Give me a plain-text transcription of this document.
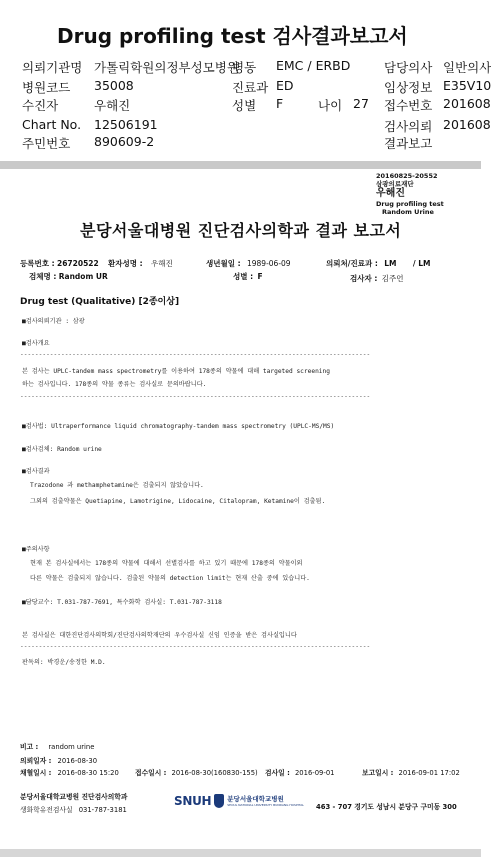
Drug profiling test 검사결과보고서
의뢰기관명 가톨릭학원의정부성모병원
병동 EMC / ERBD	담당의사 일반의사
병원코드 35008	진료과 ED	임상정보 E35V10
수진자	우해진	성별 F	나이 27 접수번호 201608
Chart No. 12506191	검사의뢰 201608
주민번호 890609-2	결과보고
20160825-20552
삼광의료재단
우해진
Drug profiling test
Random Urine
분당서울대병원 진단검사의학과 결과 보고서
등록번호 : 26720522 환자성명 : 우해진	생년월일 : 1989-06-09	의뢰처/진료과 : LM / LM
검체명 : Random UR	성별 : F	검사자 : 김주언
Drug test (Qualitative) [2종이상]
■검사의뢰기관 : 삼광
■검사개요
----------------------------------------------------------------------------------------------
본 검사는 UPLC-tandem mass spectrometry를 이용하여 178종의 약물에 대해 targeted screening
하는 검사입니다. 178종의 약물 종류는 검사실로 문의바랍니다.
----------------------------------------------------------------------------------------------
■검사법: Ultraperformance liquid chromatography-tandem mass spectrometry (UPLC-MS/MS)
■검사검체: Random urine
■검사결과
Trazodone 과 methamphetamine은 검출되지 않았습니다.
그외의 검출약물은 Quetiapine, Lamotrigine, Lidocaine, Citalopram, Ketamine이 검출됨.
■주의사항
현재 본 검사실에서는 178종의 약물에 대해서 선별검사를 하고 있기 때문에 178종의 약물이외
다른 약물은 검출되지 않습니다. 검출된 약물의 detection limit는 현재 산출 중에 있습니다.
■담당교수: T.031-787-7691, 특수화학 검사실: T.031-787-3118
본 검사실은 대한진단검사의학회/진단검사의학재단의 우수검사실 신임 인증을 받은 검사실입니다
----------------------------------------------------------------------------------------------
판독의: 박경운/송정한 M.D.
비고 : random urine
의뢰일자 : 2016-08-30
채혈일시 : 2016-08-30 15:20 접수일시 : 2016-08-30(160830-155) 검사일 : 2016-09-01	보고일시 : 2016-09-01 17:02
분당서울대학교병원 진단검사의학과
생화학유전검사실 031-787-3181
SNUH 분당서울대학교병원
SEOUL NATIONAL UNIVERSITY BUNDANG HOSPITAL 463 - 707 경기도 성남시 분당구 구미동 300
